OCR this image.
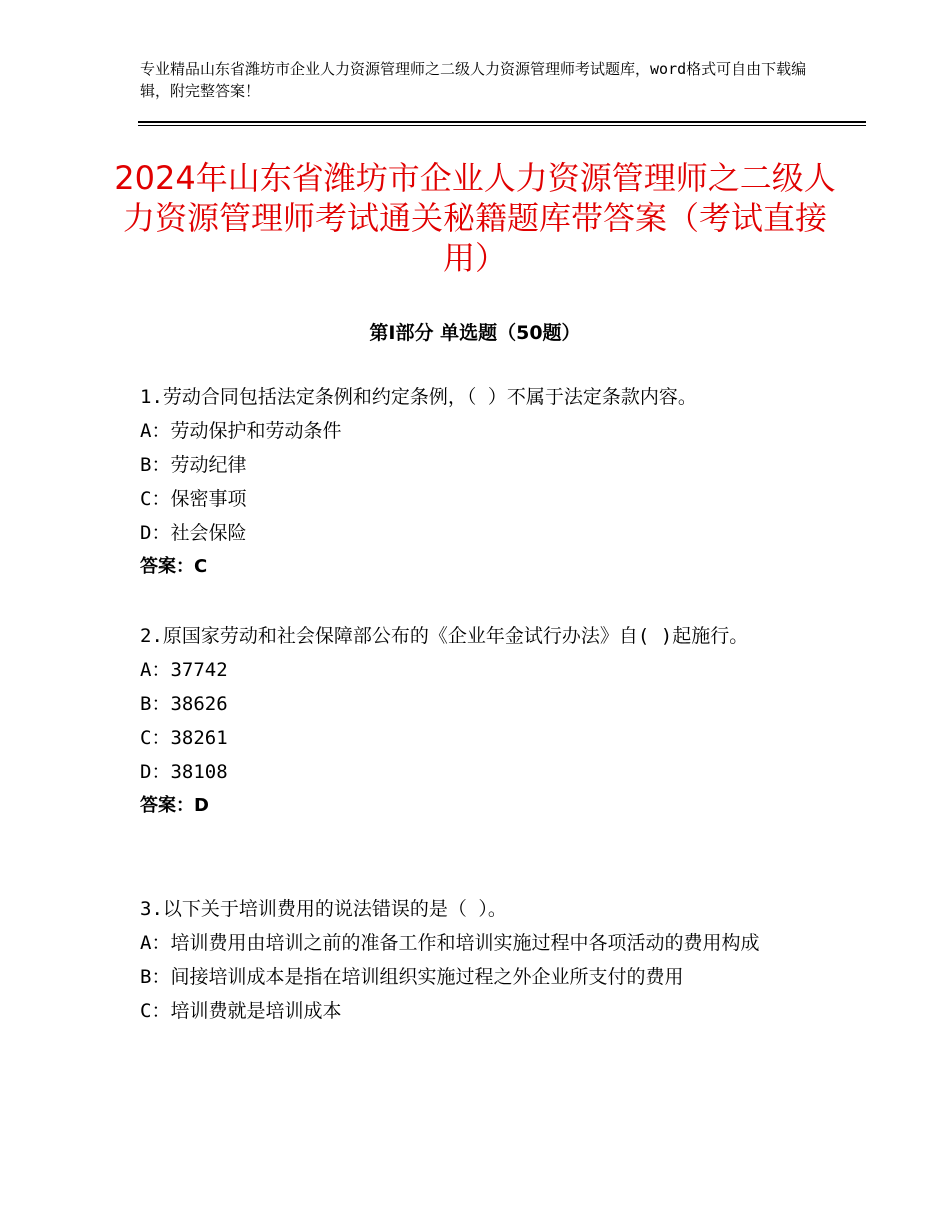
专业精品山东省潍坊市企业人力资源管理师之二级人力资源管理师考试题库，word格式可自由下载编辑，附完整答案！
2024年山东省潍坊市企业人力资源管理师之二级人力资源管理师考试通关秘籍题库带答案（考试直接用）
第Ⅰ部分 单选题（50题）
1.劳动合同包括法定条例和约定条例，（ ）不属于法定条款内容。
A：劳动保护和劳动条件
B：劳动纪律
C：保密事项
D：社会保险
答案：C
2.原国家劳动和社会保障部公布的《企业年金试行办法》自( )起施行。
A：37742
B：38626
C：38261
D：38108
答案：D
3.以下关于培训费用的说法错误的是（ ）。
A：培训费用由培训之前的准备工作和培训实施过程中各项活动的费用构成
B：间接培训成本是指在培训组织实施过程之外企业所支付的费用
C：培训费就是培训成本
